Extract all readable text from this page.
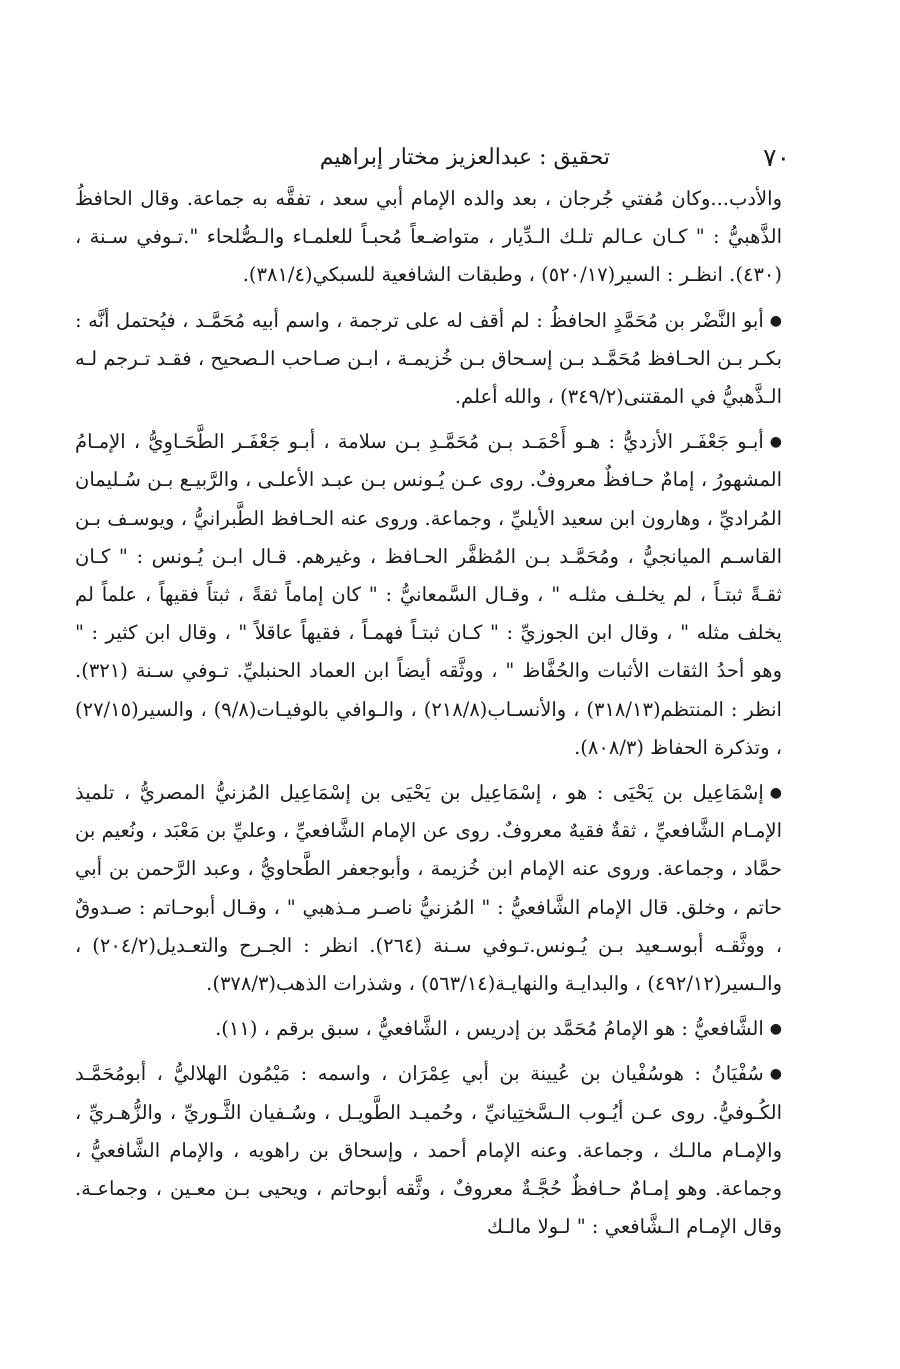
٧٠
تحقيق : عبدالعزيز مختار إبراهيم

والأدب...وكان مُفتي جُرجان ، بعد والده الإمام أبي سعد ، تفقَّه به جماعة. وقال الحافظُ الذَّهبيُّ : " كـان عـالم تلـك الـدِّيار ، متواضـعاً مُحبـاً للعلمـاء والـصُّلحاء ".تـوفي سـنة ، (٤٣٠). انظـر : السير(٥٢٠/١٧) ، وطبقات الشافعية للسبكي(٣٨١/٤).

●أبو النَّضْر بن مُحَمَّدٍ الحافظُ : لم أقف له على ترجمة ، واسم أبيه مُحَمَّـد ، فيُحتمل أنَّه : بكـر بـن الحـافظ مُحَمَّـد بـن إسـحاق بـن خُزيمـة ، ابـن صـاحب الـصحيح ، فقـد تـرجم لـه الـذَّهبيُّ في المقتنى(٣٤٩/٢) ، والله أعلم.

●أبـو جَعْفَـر الأزديُّ : هـو أَحْمَـد بـن مُحَمَّـدِ بـن سلامة ، أبـو جَعْفَـر الطَّحَـاوِيُّ ، الإمـامُ المشهورُ ، إمامٌ حـافظٌ معروفٌ. روى عـن يُـونس بـن عبـد الأعلـى ، والرَّبيـع بـن سُـليمان المُراديِّ ، وهارون ابن سعيد الأيليِّ ، وجماعة. وروى عنه الحـافظ الطَّبرانيُّ ، ويوسـف بـن القاسـم الميانجيُّ ، ومُحَمَّـد بـن المُظفَّر الحـافظ ، وغيرهم. قـال ابـن يُـونس : " كـان ثقـةً ثبتـاً ، لم يخلـف مثلـه " ، وقـال السَّمعانيُّ : " كان إماماً ثقةً ، ثبتاً فقيهاً ، علماً لم يخلف مثله " ، وقال ابن الجوزيِّ : " كـان ثبتـاً فهمـاً ، فقيهاً عاقلاً " ، وقال ابن كثير : " وهو أحدُ الثقات الأثبات والحُفَّاظ " ، ووثَّقه أيضاً ابن العماد الحنبليِّ. تـوفي سـنة (٣٢١). انظر : المنتظم(٣١٨/١٣) ، والأنسـاب(٢١٨/٨) ، والـوافي بالوفيـات(٩/٨) ، والسير(٢٧/١٥) ، وتذكرة الحفاظ (٨٠٨/٣).

●إسْمَاعِيل بن يَحْيَى : هو ، إسْمَاعِيل بن يَحْيَى بن إسْمَاعِيل المُزنيُّ المصريُّ ، تلميذ الإمـام الشَّافعيِّ ، ثقةٌ فقيهٌ معروفٌ. روى عن الإمام الشَّافعيِّ ، وعليِّ بن مَعْبَد ، ونُعيم بن حمَّاد ، وجماعة. وروى عنه الإمام ابن خُزيمة ، وأبوجعفر الطَّحاويُّ ، وعبد الرَّحمن بن أبي حاتم ، وخلق. قال الإمام الشَّافعيُّ : " المُزنيُّ ناصـر مـذهبي " ، وقـال أبوحـاتم : صـدوقٌ ، ووثَّقـه أبوسـعيد بـن يُـونس.تـوفي سـنة (٢٦٤). انظر : الجـرح والتعـديل(٢٠٤/٢) ، والـسير(٤٩٢/١٢) ، والبدايـة والنهايـة(٥٦٣/١٤) ، وشذرات الذهب(٣٧٨/٣).

●الشَّافعيُّ : هو الإمامُ مُحَمَّد بن إدريس ، الشَّافعيُّ ، سبق برقم ، (١١).

●سُفْيَانُ : هوسُفْيان بن عُيينة بن أبي عِمْرَان ، واسمه : مَيْمُون الهلاليُّ ، أبومُحَمَّـد الكُـوفيُّ. روى عـن أيُـوب الـسَّختِيانيِّ ، وحُميـد الطَّويـل ، وسُـفيان الثَّـوريِّ ، والزُّهـريِّ ، والإمـام مالـك ، وجماعة. وعنه الإمام أحمد ، وإسحاق بن راهويه ، والإمام الشَّافعيُّ ، وجماعة. وهو إمـامٌ حـافظٌ حُجَّـةٌ معروفٌ ، وثَّقه أبوحاتم ، ويحيى بـن معـين ، وجماعـة. وقال الإمـام الـشَّافعي : " لـولا مالـك
